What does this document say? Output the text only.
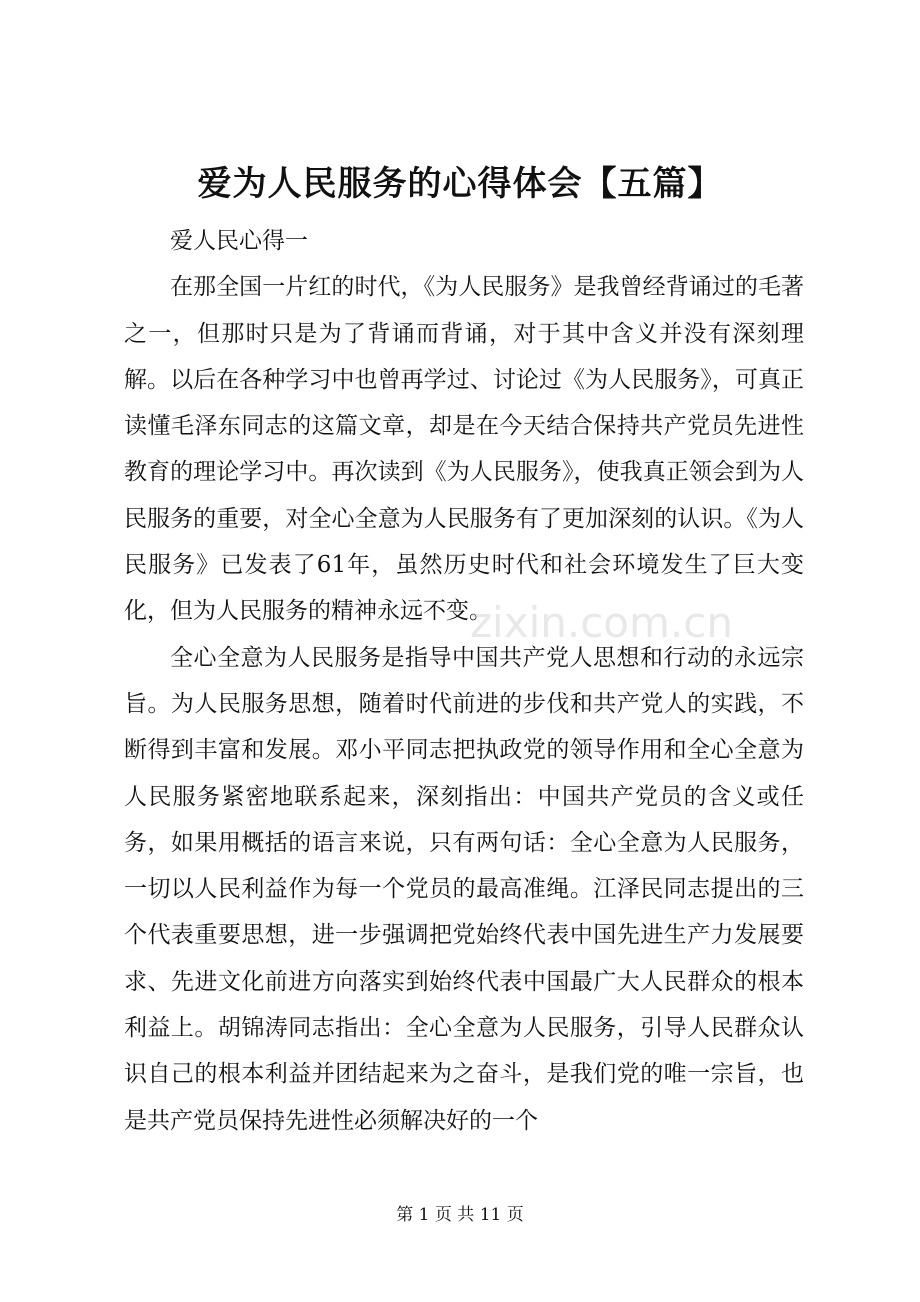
爱为人民服务的心得体会【五篇】

爱人民心得一

在那全国一片红的时代，《为人民服务》是我曾经背诵过的毛著之一，但那时只是为了背诵而背诵，对于其中含义并没有深刻理解。以后在各种学习中也曾再学过、讨论过《为人民服务》，可真正读懂毛泽东同志的这篇文章，却是在今天结合保持共产党员先进性教育的理论学习中。再次读到《为人民服务》，使我真正领会到为人民服务的重要，对全心全意为人民服务有了更加深刻的认识。《为人民服务》已发表了61年，虽然历史时代和社会环境发生了巨大变化，但为人民服务的精神永远不变。

全心全意为人民服务是指导中国共产党人思想和行动的永远宗旨。为人民服务思想，随着时代前进的步伐和共产党人的实践，不断得到丰富和发展。邓小平同志把执政党的领导作用和全心全意为人民服务紧密地联系起来，深刻指出：中国共产党员的含义或任务，如果用概括的语言来说，只有两句话：全心全意为人民服务，一切以人民利益作为每一个党员的最高准绳。江泽民同志提出的三个代表重要思想，进一步强调把党始终代表中国先进生产力发展要求、先进文化前进方向落实到始终代表中国最广大人民群众的根本利益上。胡锦涛同志指出：全心全意为人民服务，引导人民群众认识自己的根本利益并团结起来为之奋斗，是我们党的唯一宗旨，也是共产党员保持先进性必须解决好的一个

zixin.com.cn
第 1 页 共 11 页
